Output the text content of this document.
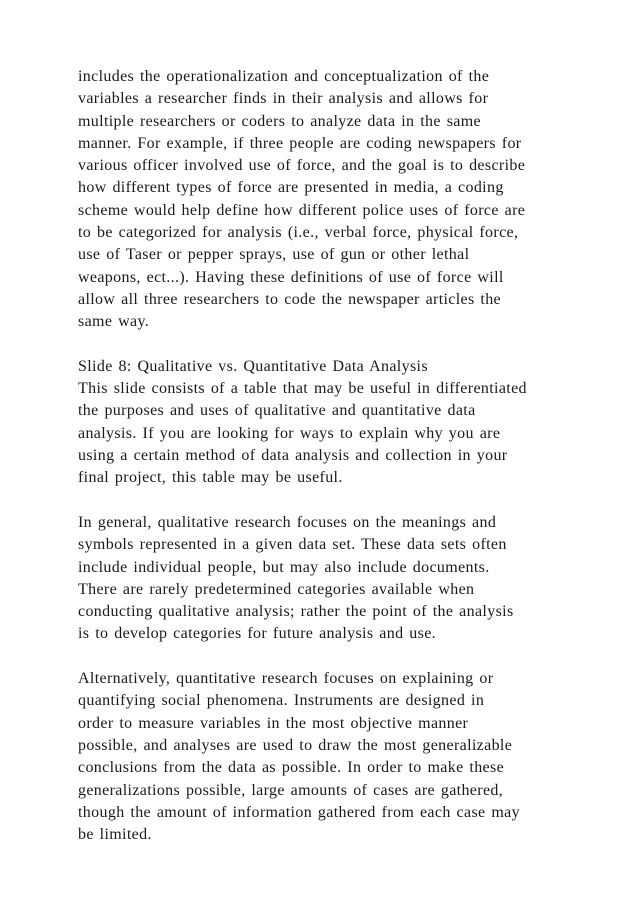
includes the operationalization and conceptualization of the
variables a researcher finds in their analysis and allows for
multiple researchers or coders to analyze data in the same
manner. For example, if three people are coding newspapers for
various officer involved use of force, and the goal is to describe
how different types of force are presented in media, a coding
scheme would help define how different police uses of force are
to be categorized for analysis (i.e., verbal force, physical force,
use of Taser or pepper sprays, use of gun or other lethal
weapons, ect...). Having these definitions of use of force will
allow all three researchers to code the newspaper articles the
same way.
Slide 8: Qualitative vs. Quantitative Data Analysis
This slide consists of a table that may be useful in differentiated
the purposes and uses of qualitative and quantitative data
analysis. If you are looking for ways to explain why you are
using a certain method of data analysis and collection in your
final project, this table may be useful.
In general, qualitative research focuses on the meanings and
symbols represented in a given data set. These data sets often
include individual people, but may also include documents.
There are rarely predetermined categories available when
conducting qualitative analysis; rather the point of the analysis
is to develop categories for future analysis and use.
Alternatively, quantitative research focuses on explaining or
quantifying social phenomena. Instruments are designed in
order to measure variables in the most objective manner
possible, and analyses are used to draw the most generalizable
conclusions from the data as possible. In order to make these
generalizations possible, large amounts of cases are gathered,
though the amount of information gathered from each case may
be limited.
